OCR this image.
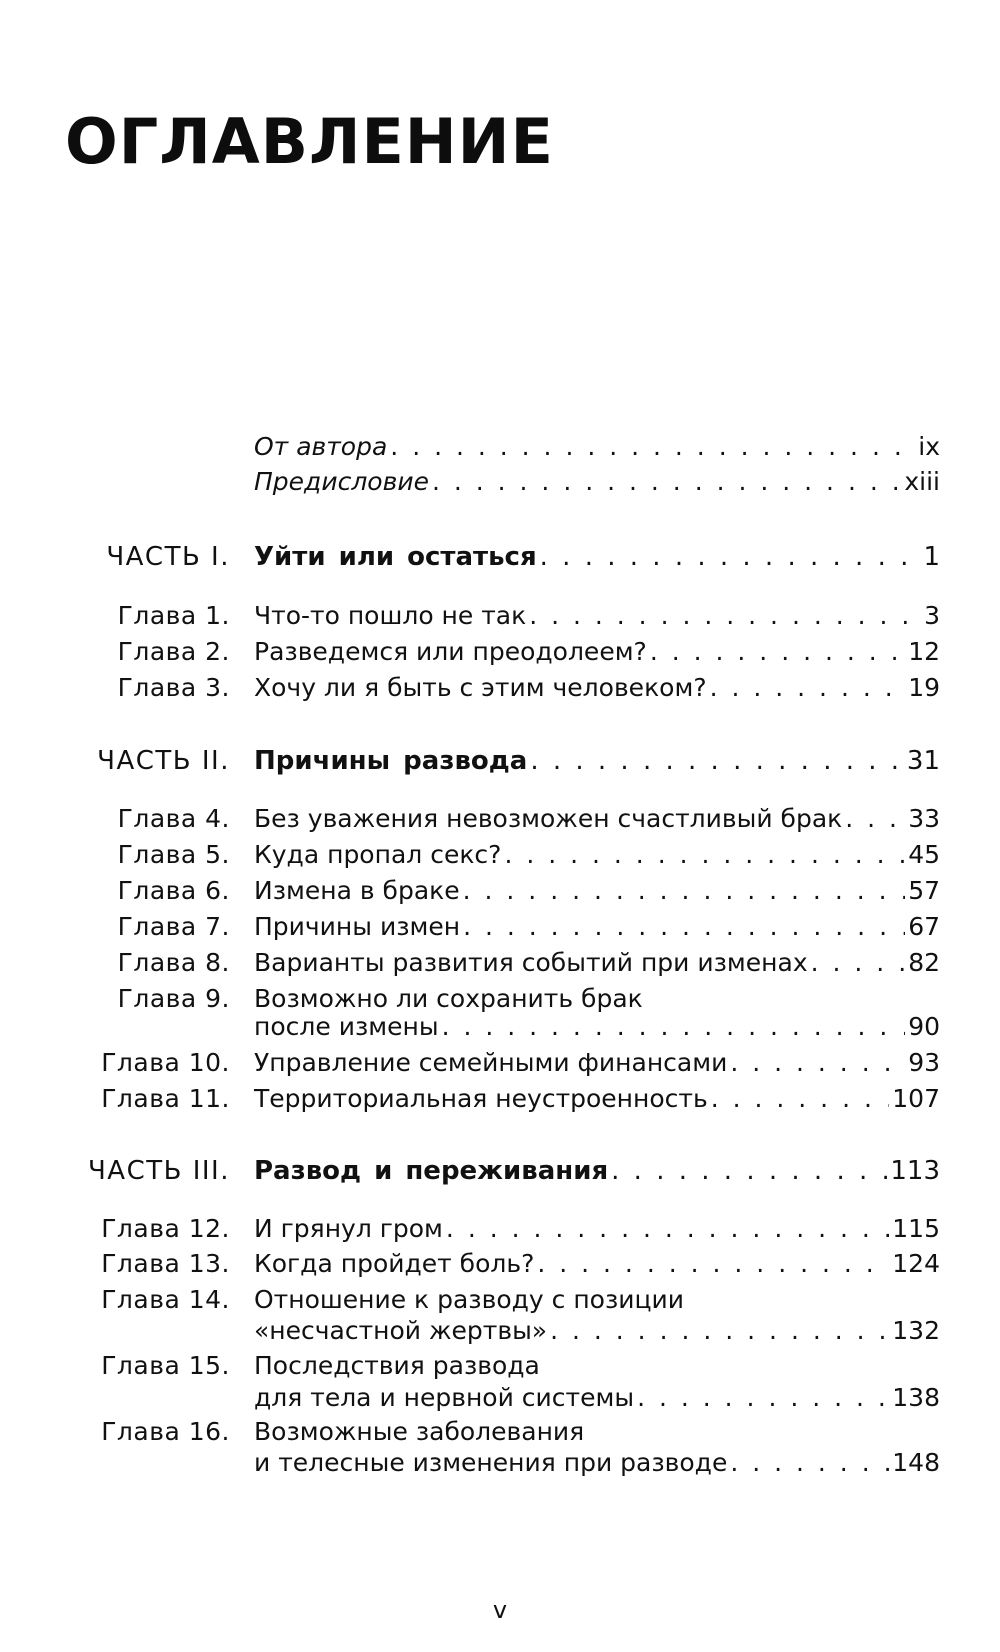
ОГЛАВЛЕНИЕ
От автора . . .	ix
Предисловие . . .	xiii
ЧАСТЬ I. Уйти или остаться . . .	1
Глава 1. Что-то пошло не так . . .	3
Глава 2. Разведемся или преодолеем? . . .	12
Глава 3. Хочу ли я быть с этим человеком? . . .	19
ЧАСТЬ II. Причины развода . . .	31
Глава 4. Без уважения невозможен счастливый брак . . .	33
Глава 5. Куда пропал секс? . . .	45
Глава 6. Измена в браке . . .	57
Глава 7. Причины измен . . .	67
Глава 8. Варианты развития событий при изменах . . .	82
Глава 9. Возможно ли сохранить брак
после измены . . .	90
Глава 10. Управление семейными финансами . . .	93
Глава 11. Территориальная неустроенность . . .	107
ЧАСТЬ III. Развод и переживания . . .	113
Глава 12. И грянул гром . . .	115
Глава 13. Когда пройдет боль? . . .	124
Глава 14. Отношение к разводу с позиции
«несчастной жертвы» . . .	132
Глава 15. Последствия развода
для тела и нервной системы . . .	138
Глава 16. Возможные заболевания
и телесные изменения при разводе . . .	148
v
